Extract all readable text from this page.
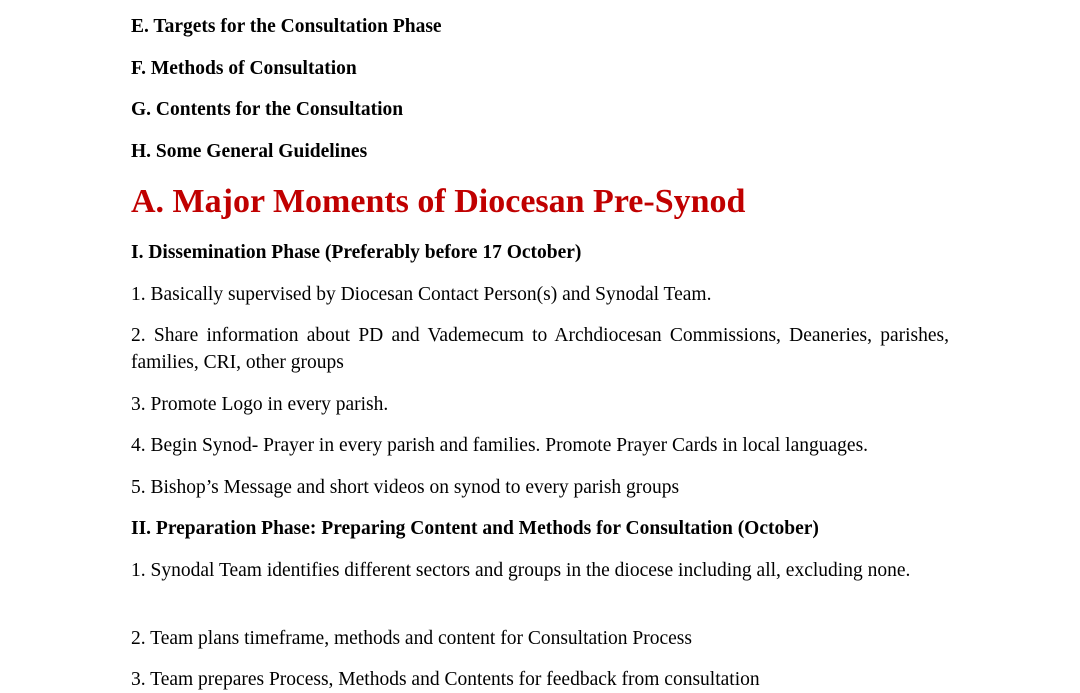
E. Targets for the Consultation Phase
F. Methods of Consultation
G. Contents for the Consultation
H. Some General Guidelines
A. Major Moments of Diocesan Pre-Synod
I. Dissemination Phase (Preferably before 17 October)
1. Basically supervised by Diocesan Contact Person(s) and Synodal Team.
2. Share information about PD and Vademecum to Archdiocesan Commissions, Deaneries, parishes, families, CRI, other groups
3. Promote Logo in every parish.
4. Begin Synod- Prayer in every parish and families. Promote Prayer Cards in local languages.
5. Bishop’s Message and short videos on synod to every parish groups
II. Preparation Phase: Preparing Content and Methods for Consultation (October)
1. Synodal Team identifies different sectors and groups in the diocese including all, excluding none.
2. Team plans timeframe, methods and content for Consultation Process
3. Team prepares Process, Methods and Contents for feedback from consultation
